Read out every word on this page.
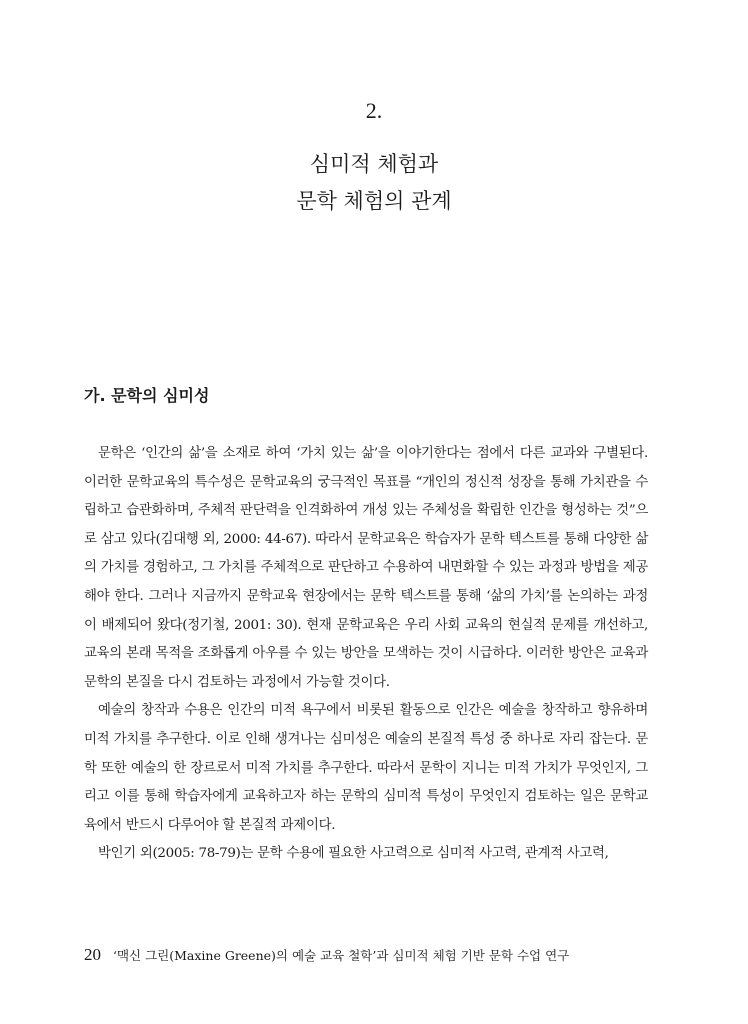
2.
심미적 체험과
문학 체험의 관계
가. 문학의 심미성

문학은 ‘인간의 삶’을 소재로 하여 ‘가치 있는 삶’을 이야기한다는 점에서 다른 교과와 구별된다. 이러한 문학교육의 특수성은 문학교육의 궁극적인 목표를 “개인의 정신적 성장을 통해 가치관을 수립하고 습관화하며, 주체적 판단력을 인격화하여 개성 있는 주체성을 확립한 인간을 형성하는 것”으로 삼고 있다(김대행 외, 2000: 44-67). 따라서 문학교육은 학습자가 문학 텍스트를 통해 다양한 삶의 가치를 경험하고, 그 가치를 주체적으로 판단하고 수용하여 내면화할 수 있는 과정과 방법을 제공해야 한다. 그러나 지금까지 문학교육 현장에서는 문학 텍스트를 통해 ‘삶의 가치’를 논의하는 과정이 배제되어 왔다(정기철, 2001: 30). 현재 문학교육은 우리 사회 교육의 현실적 문제를 개선하고, 교육의 본래 목적을 조화롭게 아우를 수 있는 방안을 모색하는 것이 시급하다. 이러한 방안은 교육과 문학의 본질을 다시 검토하는 과정에서 가능할 것이다.

예술의 창작과 수용은 인간의 미적 욕구에서 비롯된 활동으로 인간은 예술을 창작하고 향유하며 미적 가치를 추구한다. 이로 인해 생겨나는 심미성은 예술의 본질적 특성 중 하나로 자리 잡는다. 문학 또한 예술의 한 장르로서 미적 가치를 추구한다. 따라서 문학이 지니는 미적 가치가 무엇인지, 그리고 이를 통해 학습자에게 교육하고자 하는 문학의 심미적 특성이 무엇인지 검토하는 일은 문학교육에서 반드시 다루어야 할 본질적 과제이다.

박인기 외(2005: 78-79)는 문학 수용에 필요한 사고력으로 심미적 사고력, 관계적 사고력,

20 ‘맥신 그린(Maxine Greene)의 예술 교육 철학’과 심미적 체험 기반 문학 수업 연구
